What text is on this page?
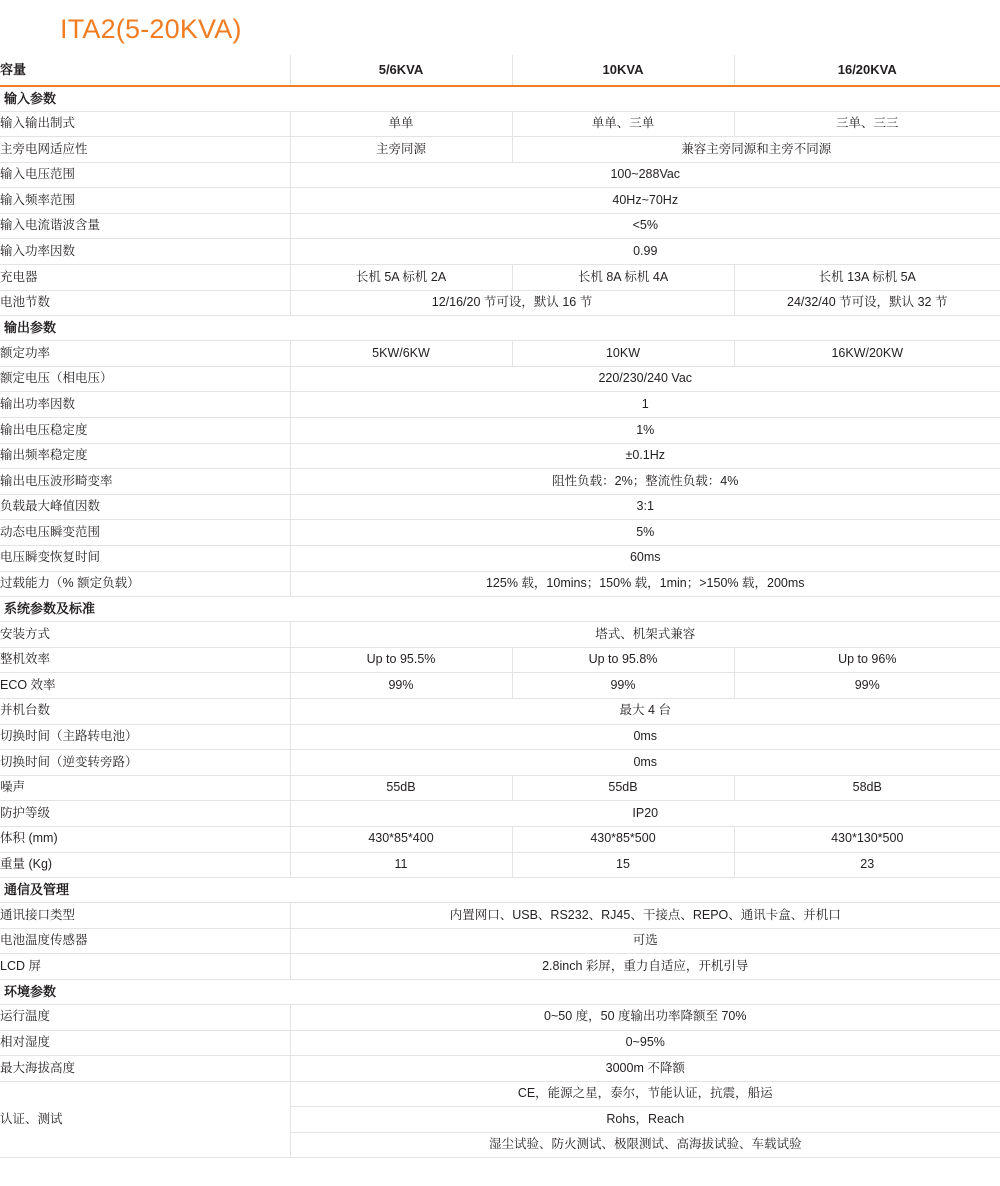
ITA2(5-20KVA)
容量	5/6KVA	10KVA	16/20KVA
输入参数			
输入输出制式	单单	单单、三单	三单、三三
主旁电网适应性	主旁同源	兼容主旁同源和主旁不同源	
输入电压范围	100~288Vac		
输入频率范围	40Hz~70Hz		
输入电流谐波含量	<5%		
输入功率因数	0.99		
充电器	长机 5A 标机 2A	长机 8A 标机 4A	长机 13A 标机 5A
电池节数	12/16/20 节可设，默认 16 节		24/32/40 节可设，默认 32 节
输出参数			
额定功率	5KW/6KW	10KW	16KW/20KW
额定电压（相电压）	220/230/240 Vac		
输出功率因数	1		
输出电压稳定度	1%		
输出频率稳定度	±0.1Hz		
输出电压波形畸变率	阻性负载：2%；整流性负载：4%		
负载最大峰值因数	3:1		
动态电压瞬变范围	5%		
电压瞬变恢复时间	60ms		
过载能力（% 额定负载）	125% 载，10mins；150% 载，1min；>150% 载，200ms		
系统参数及标准			
安装方式	塔式、机架式兼容		
整机效率	Up to 95.5%	Up to 95.8%	Up to 96%
ECO 效率	99%	99%	99%
并机台数	最大 4 台		
切换时间（主路转电池）	0ms		
切换时间（逆变转旁路）	0ms		
噪声	55dB	55dB	58dB
防护等级	IP20		
体积 (mm)	430*85*400	430*85*500	430*130*500
重量 (Kg)	11	15	23
通信及管理			
通讯接口类型	内置网口、USB、RS232、RJ45、干接点、REPO、通讯卡盒、并机口		
电池温度传感器	可选		
LCD 屏	2.8inch 彩屏，重力自适应，开机引导		
环境参数			
运行温度	0~50 度，50 度输出功率降额至 70%		
相对湿度	0~95%		
最大海拔高度	3000m 不降额		
认证、测试	CE，能源之星，泰尔，节能认证，抗震，船运		
	Rohs，Reach		
	湿尘试验、防火测试、极限测试、高海拔试验、车载试验		
